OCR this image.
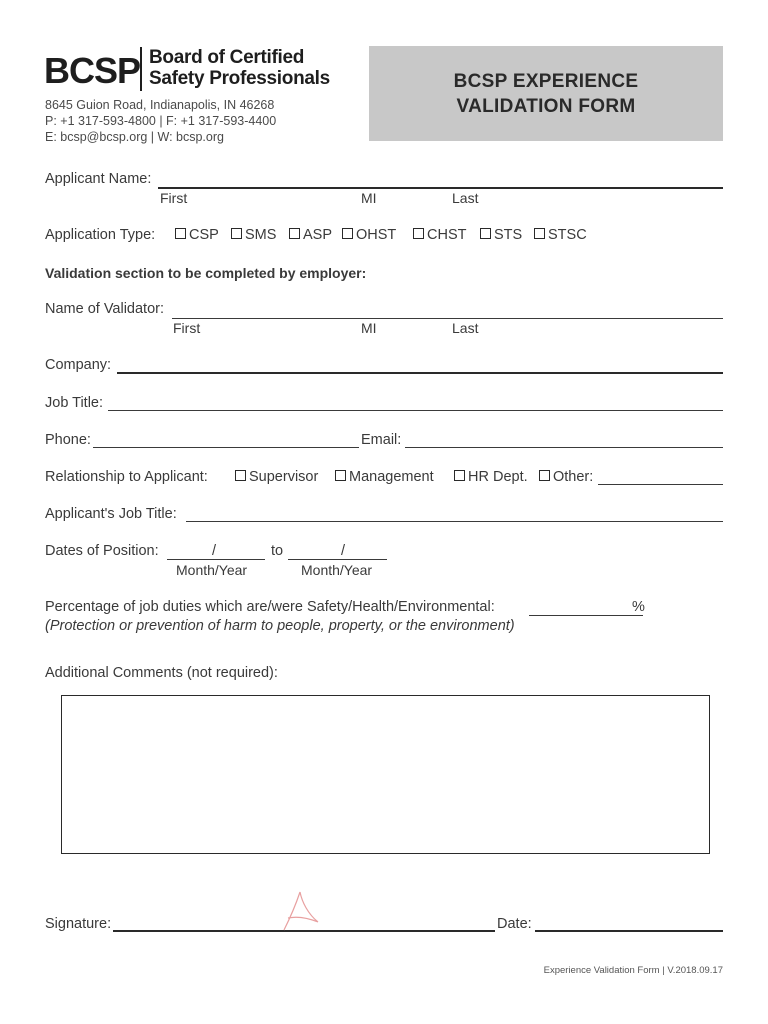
BCSP Board of Certified
Safety Professionals
8645 Guion Road, Indianapolis, IN 46268
P: +1 317-593-4800 | F: +1 317-593-4400
E: bcsp@bcsp.org | W: bcsp.org
BCSP EXPERIENCE
VALIDATION FORM
Applicant Name:
First	MI	Last
Application Type:	CSP	SMS	ASP	OHST	CHST	STS	STSC
Validation section to be completed by employer:
Name of Validator:
First	MI	Last
Company:
Job Title:
Phone:	Email:
Relationship to Applicant:	Supervisor	Management	HR Dept.	Other:
Applicant's Job Title:
Dates of Position:	/	to	/
Month/Year	Month/Year
Percentage of job duties which are/were Safety/Health/Environmental:	%
(Protection or prevention of harm to people, property, or the environment)
Additional Comments (not required):
Signature:	Date:
Experience Validation Form | V.2018.09.17
